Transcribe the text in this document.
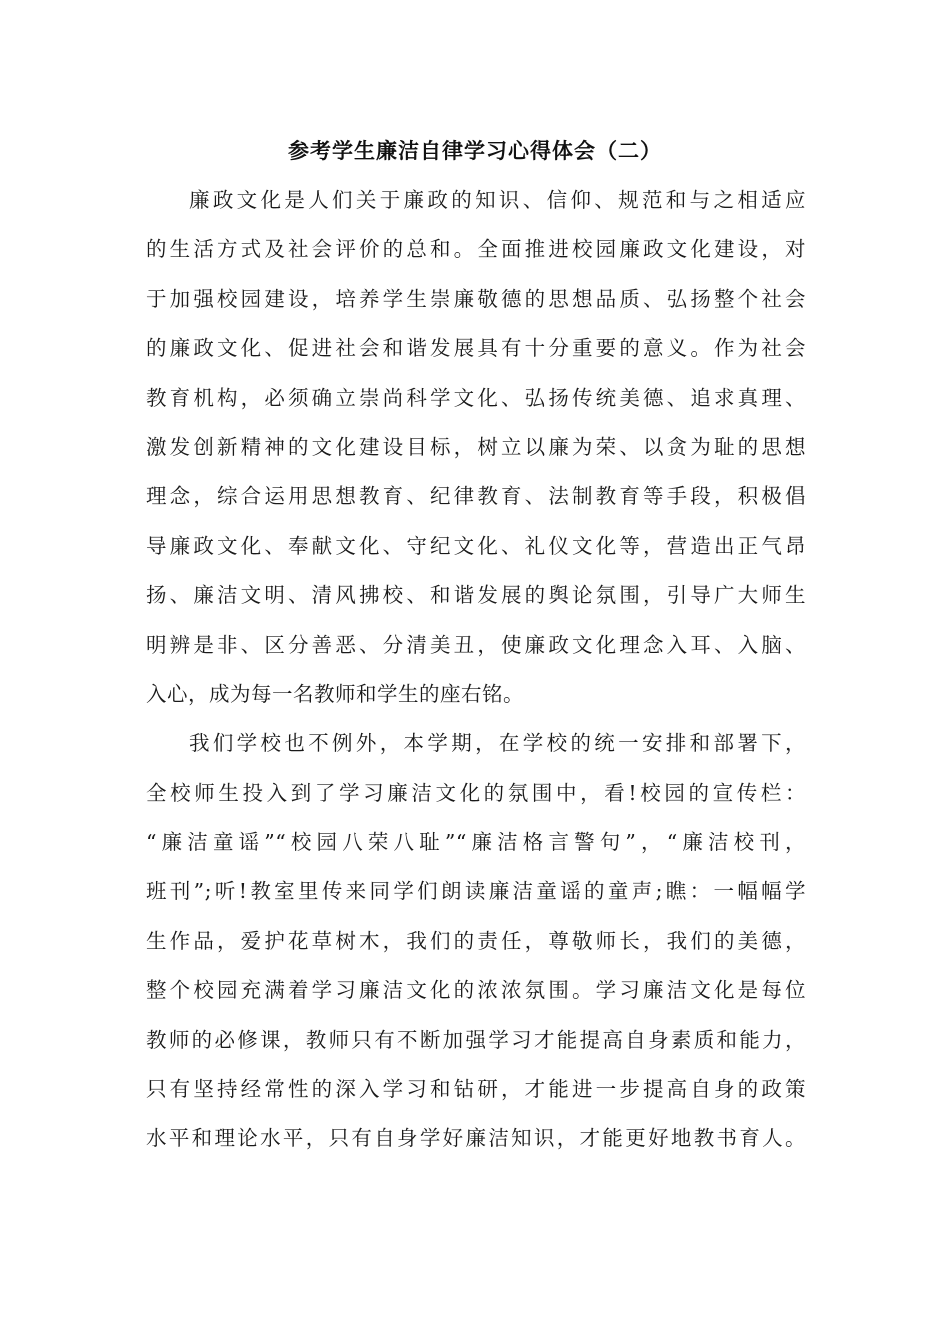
参考学生廉洁自律学习心得体会（二）
廉政文化是人们关于廉政的知识、信仰、规范和与之相适应
的生活方式及社会评价的总和。全面推进校园廉政文化建设，对
于加强校园建设，培养学生崇廉敬德的思想品质、弘扬整个社会
的廉政文化、促进社会和谐发展具有十分重要的意义。作为社会
教育机构，必须确立崇尚科学文化、弘扬传统美德、追求真理、
激发创新精神的文化建设目标，树立以廉为荣、以贪为耻的思想
理念，综合运用思想教育、纪律教育、法制教育等手段，积极倡
导廉政文化、奉献文化、守纪文化、礼仪文化等，营造出正气昂
扬、廉洁文明、清风拂校、和谐发展的舆论氛围，引导广大师生
明辨是非、区分善恶、分清美丑，使廉政文化理念入耳、入脑、
入心，成为每一名教师和学生的座右铭。
我们学校也不例外，本学期，在学校的统一安排和部署下，
全校师生投入到了学习廉洁文化的氛围中，看!校园的宣传栏：
“廉洁童谣”“校园八荣八耻”“廉洁格言警句”，“廉洁校刊，
班刊”;听!教室里传来同学们朗读廉洁童谣的童声;瞧：一幅幅学
生作品，爱护花草树木，我们的责任，尊敬师长，我们的美德，
整个校园充满着学习廉洁文化的浓浓氛围。学习廉洁文化是每位
教师的必修课，教师只有不断加强学习才能提高自身素质和能力，
只有坚持经常性的深入学习和钻研，才能进一步提高自身的政策
水平和理论水平，只有自身学好廉洁知识，才能更好地教书育人。
